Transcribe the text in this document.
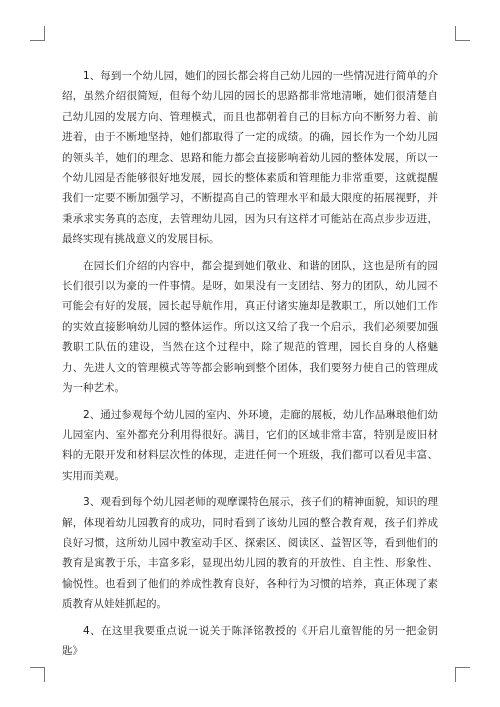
1、每到一个幼儿园，她们的园长都会将自己幼儿园的一些情况进行简单的介绍，虽然介绍很简短，但每个幼儿园的园长的思路都非常地清晰，她们很清楚自己幼儿园的发展方向、管理模式，而且也都朝着自己的目标方向不断努力着、前进着，由于不断地坚持，她们都取得了一定的成绩。的确，园长作为一个幼儿园的领头羊，她们的理念、思路和能力都会直接影响着幼儿园的整体发展，所以一个幼儿园是否能够很好地发展，园长的整体素质和管理能力非常重要，这就提醒我们一定要不断加强学习，不断提高自己的管理水平和最大限度的拓展视野，并秉承求实务真的态度，去管理幼儿园，因为只有这样才可能站在高点步步迈进，最终实现有挑战意义的发展目标。

在园长们介绍的内容中，都会提到她们敬业、和谐的团队，这也是所有的园长们很引以为豪的一件事情。是呀，如果没有一支团结、努力的团队，幼儿园不可能会有好的发展，园长起导航作用，真正付诸实施却是教职工，所以她们工作的实效直接影响幼儿园的整体运作。所以这又给了我一个启示，我们必须要加强教职工队伍的建设，当然在这个过程中，除了规范的管理，园长自身的人格魅力、先进人文的管理模式等等都会影响到整个团体，我们要努力使自己的管理成为一种艺术。

2、通过参观每个幼儿园的室内、外环境，走廊的展板，幼儿作品琳琅他们幼儿园室内、室外都充分利用得很好。满目，它们的区域非常丰富，特别是废旧材料的无限开发和材料层次性的体现，走进任何一个班级，我们都可以看见丰富、实用而美观。

3、观看到每个幼儿园老师的观摩课特色展示，孩子们的精神面貌，知识的理解，体现着幼儿园教育的成功，同时看到了该幼儿园的整合教育观，孩子们养成良好习惯，这所幼儿园中教室动手区、探索区、阅读区、益智区等，看到他们的教育是寓教于乐，丰富多彩，显现出幼儿园的教育的开放性、自主性、形象性、愉悦性。也看到了他们的养成性教育良好，各种行为习惯的培养，真正体现了素质教育从娃娃抓起的。

4、在这里我要重点说一说关于陈泽铭教授的《开启儿童智能的另一把金钥匙》
